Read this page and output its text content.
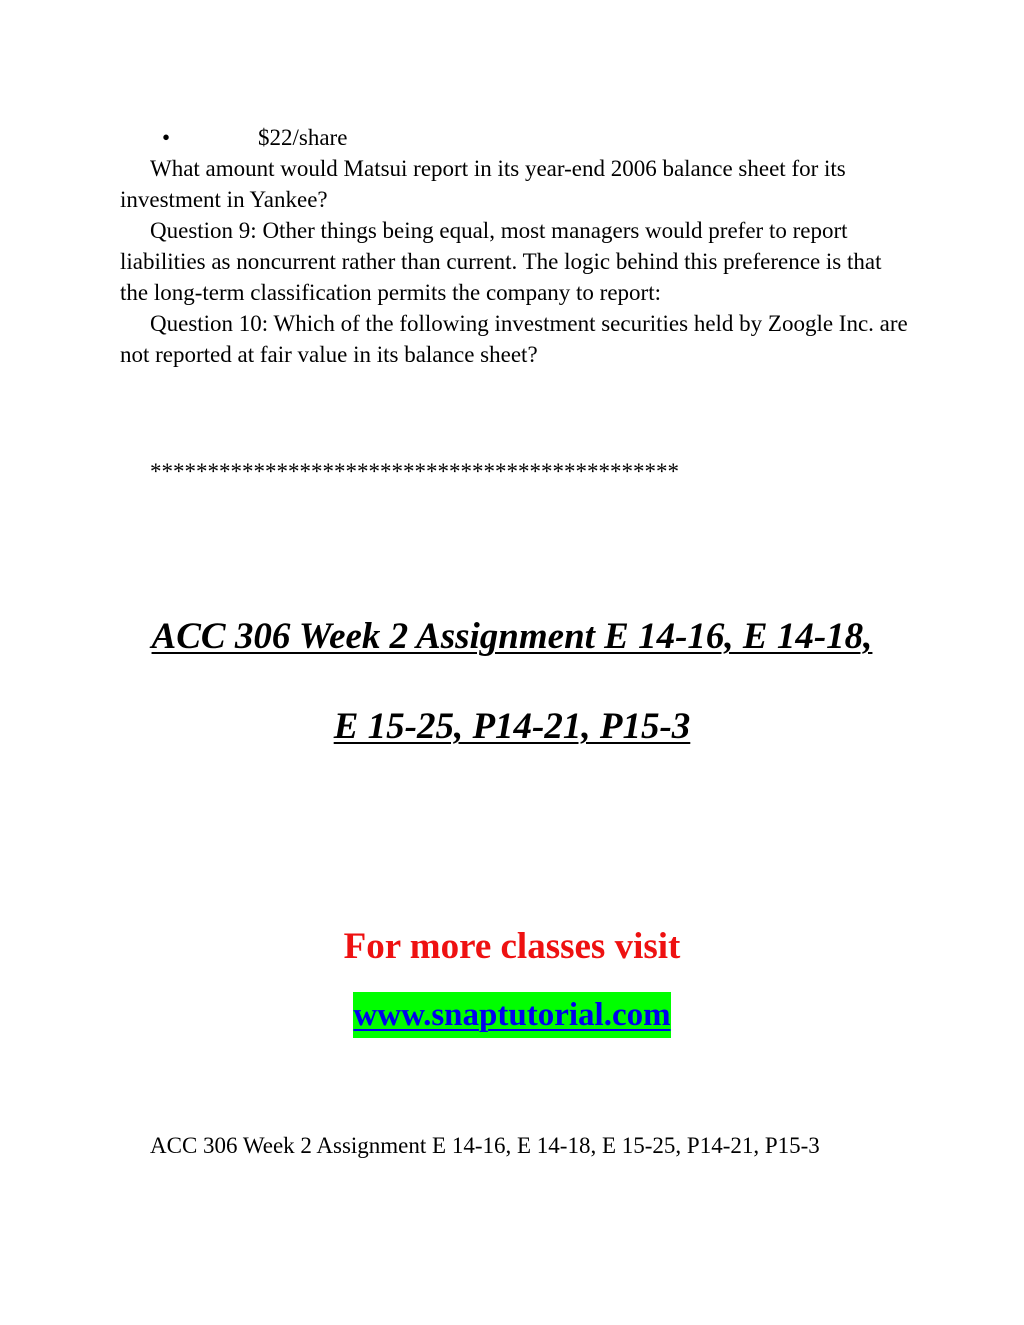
•	$22/share

What amount would Matsui report in its year-end 2006 balance sheet for its investment in Yankee?

Question 9: Other things being equal, most managers would prefer to report liabilities as noncurrent rather than current. The logic behind this preference is that the long-term classification permits the company to report:

Question 10: Which of the following investment securities held by Zoogle Inc. are not reported at fair value in its balance sheet?

**********************************************
ACC 306 Week 2 Assignment E 14-16, E 14-18,
E 15-25, P14-21, P15-3
For more classes visit
www.snaptutorial.com

ACC 306 Week 2 Assignment E 14-16, E 14-18, E 15-25, P14-21, P15-3
